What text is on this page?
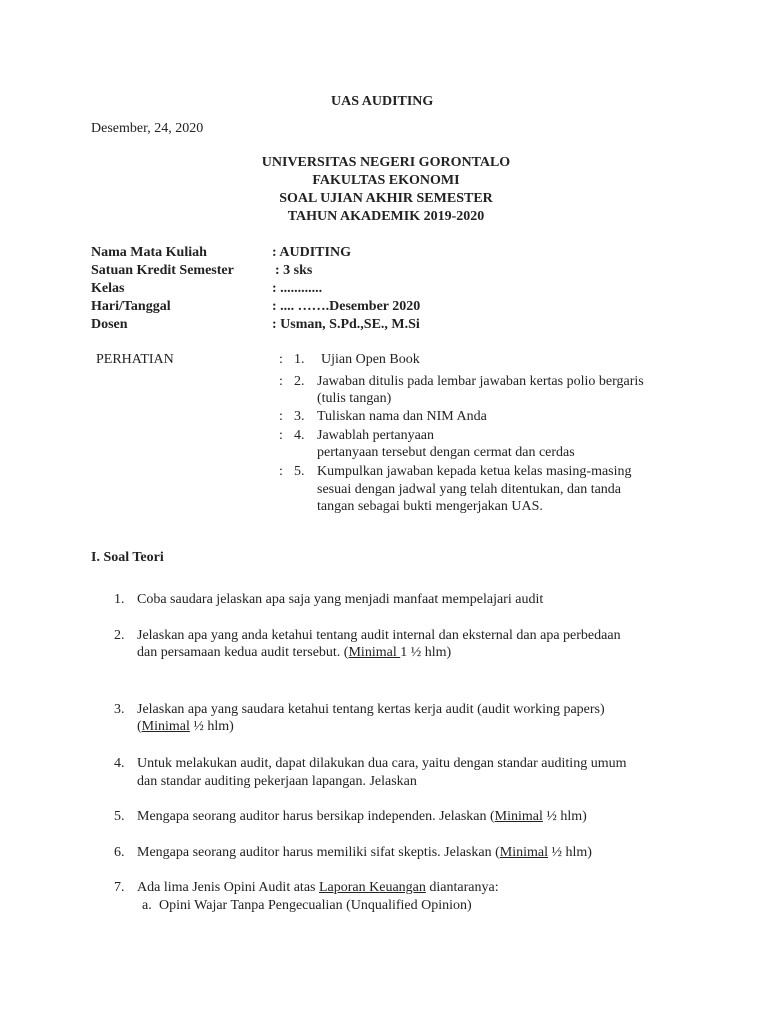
UAS AUDITING
Desember, 24, 2020
UNIVERSITAS NEGERI GORONTALO
FAKULTAS EKONOMI
SOAL UJIAN AKHIR SEMESTER
TAHUN AKADEMIK 2019-2020
Nama Mata Kuliah	: AUDITING
Satuan Kredit Semester	: 3 sks
Kelas	: ............
Hari/Tanggal	: .... …….Desember 2020
Dosen	: Usman, S.Pd.,SE., M.Si
PERHATIAN	: 1. Ujian Open Book
: 2. Jawaban ditulis pada lembar jawaban kertas polio bergaris
(tulis tangan)
: 3. Tuliskan nama dan NIM Anda
: 4. Jawablah pertanyaan
pertanyaan tersebut dengan cermat dan cerdas
: 5. Kumpulkan jawaban kepada ketua kelas masing-masing
sesuai dengan jadwal yang telah ditentukan, dan tanda
tangan sebagai bukti mengerjakan UAS.
I. Soal Teori
1. Coba saudara jelaskan apa saja yang menjadi manfaat mempelajari audit
2. Jelaskan apa yang anda ketahui tentang audit internal dan eksternal dan apa perbedaan
dan persamaan kedua audit tersebut. (Minimal 1 ½ hlm)
3. Jelaskan apa yang saudara ketahui tentang kertas kerja audit (audit working papers)
(Minimal ½ hlm)
4. Untuk melakukan audit, dapat dilakukan dua cara, yaitu dengan standar auditing umum
dan standar auditing pekerjaan lapangan. Jelaskan
5. Mengapa seorang auditor harus bersikap independen. Jelaskan (Minimal ½ hlm)
6. Mengapa seorang auditor harus memiliki sifat skeptis. Jelaskan (Minimal ½ hlm)
7. Ada lima Jenis Opini Audit atas Laporan Keuangan diantaranya:
a. Opini Wajar Tanpa Pengecualian (Unqualified Opinion)
